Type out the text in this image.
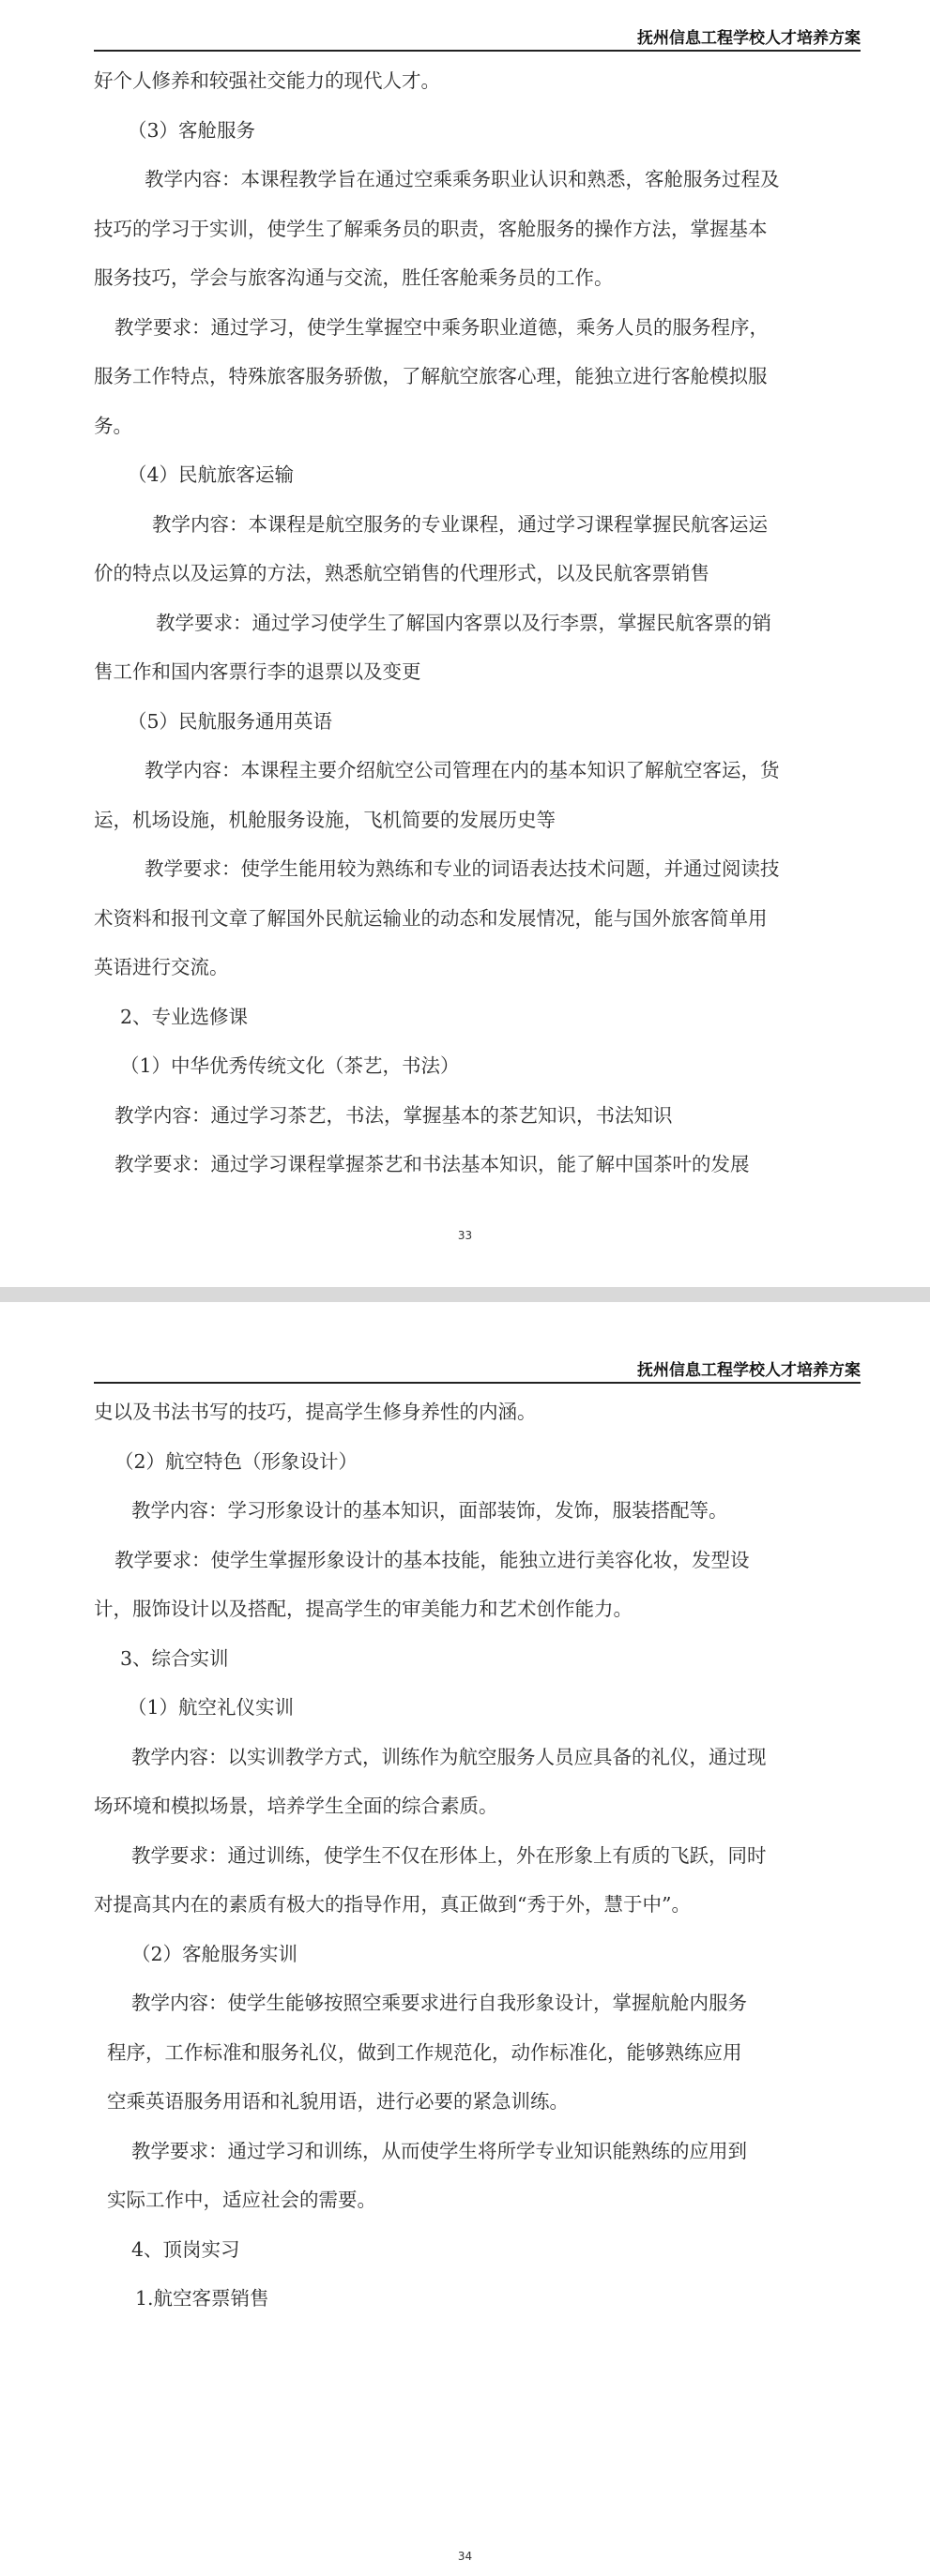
抚州信息工程学校人才培养方案
好个人修养和较强社交能力的现代人才。
（3）客舱服务
教学内容：本课程教学旨在通过空乘乘务职业认识和熟悉，客舱服务过程及
技巧的学习于实训，使学生了解乘务员的职责，客舱服务的操作方法，掌握基本
服务技巧，学会与旅客沟通与交流，胜任客舱乘务员的工作。
教学要求：通过学习，使学生掌握空中乘务职业道德，乘务人员的服务程序，
服务工作特点，特殊旅客服务骄傲，了解航空旅客心理，能独立进行客舱模拟服
务。
（4）民航旅客运输
教学内容：本课程是航空服务的专业课程，通过学习课程掌握民航客运运
价的特点以及运算的方法，熟悉航空销售的代理形式，以及民航客票销售
教学要求：通过学习使学生了解国内客票以及行李票，掌握民航客票的销
售工作和国内客票行李的退票以及变更
（5）民航服务通用英语
教学内容：本课程主要介绍航空公司管理在内的基本知识了解航空客运，货
运，机场设施，机舱服务设施，飞机简要的发展历史等
教学要求：使学生能用较为熟练和专业的词语表达技术问题，并通过阅读技
术资料和报刊文章了解国外民航运输业的动态和发展情况，能与国外旅客简单用
英语进行交流。
2、专业选修课
（1）中华优秀传统文化（茶艺，书法）
教学内容：通过学习茶艺，书法，掌握基本的茶艺知识，书法知识
教学要求：通过学习课程掌握茶艺和书法基本知识，能了解中国茶叶的发展
33
抚州信息工程学校人才培养方案
史以及书法书写的技巧，提高学生修身养性的内涵。
（2）航空特色（形象设计）
教学内容：学习形象设计的基本知识，面部装饰，发饰，服装搭配等。
教学要求：使学生掌握形象设计的基本技能，能独立进行美容化妆，发型设
计，服饰设计以及搭配，提高学生的审美能力和艺术创作能力。
3、综合实训
（1）航空礼仪实训
教学内容：以实训教学方式，训练作为航空服务人员应具备的礼仪，通过现
场环境和模拟场景，培养学生全面的综合素质。
教学要求：通过训练，使学生不仅在形体上，外在形象上有质的飞跃，同时
对提高其内在的素质有极大的指导作用，真正做到“秀于外，慧于中”。
（2）客舱服务实训
教学内容：使学生能够按照空乘要求进行自我形象设计，掌握航舱内服务
程序，工作标准和服务礼仪，做到工作规范化，动作标准化，能够熟练应用
空乘英语服务用语和礼貌用语，进行必要的紧急训练。
教学要求：通过学习和训练，从而使学生将所学专业知识能熟练的应用到
实际工作中，适应社会的需要。
4、顶岗实习
1.航空客票销售
34
